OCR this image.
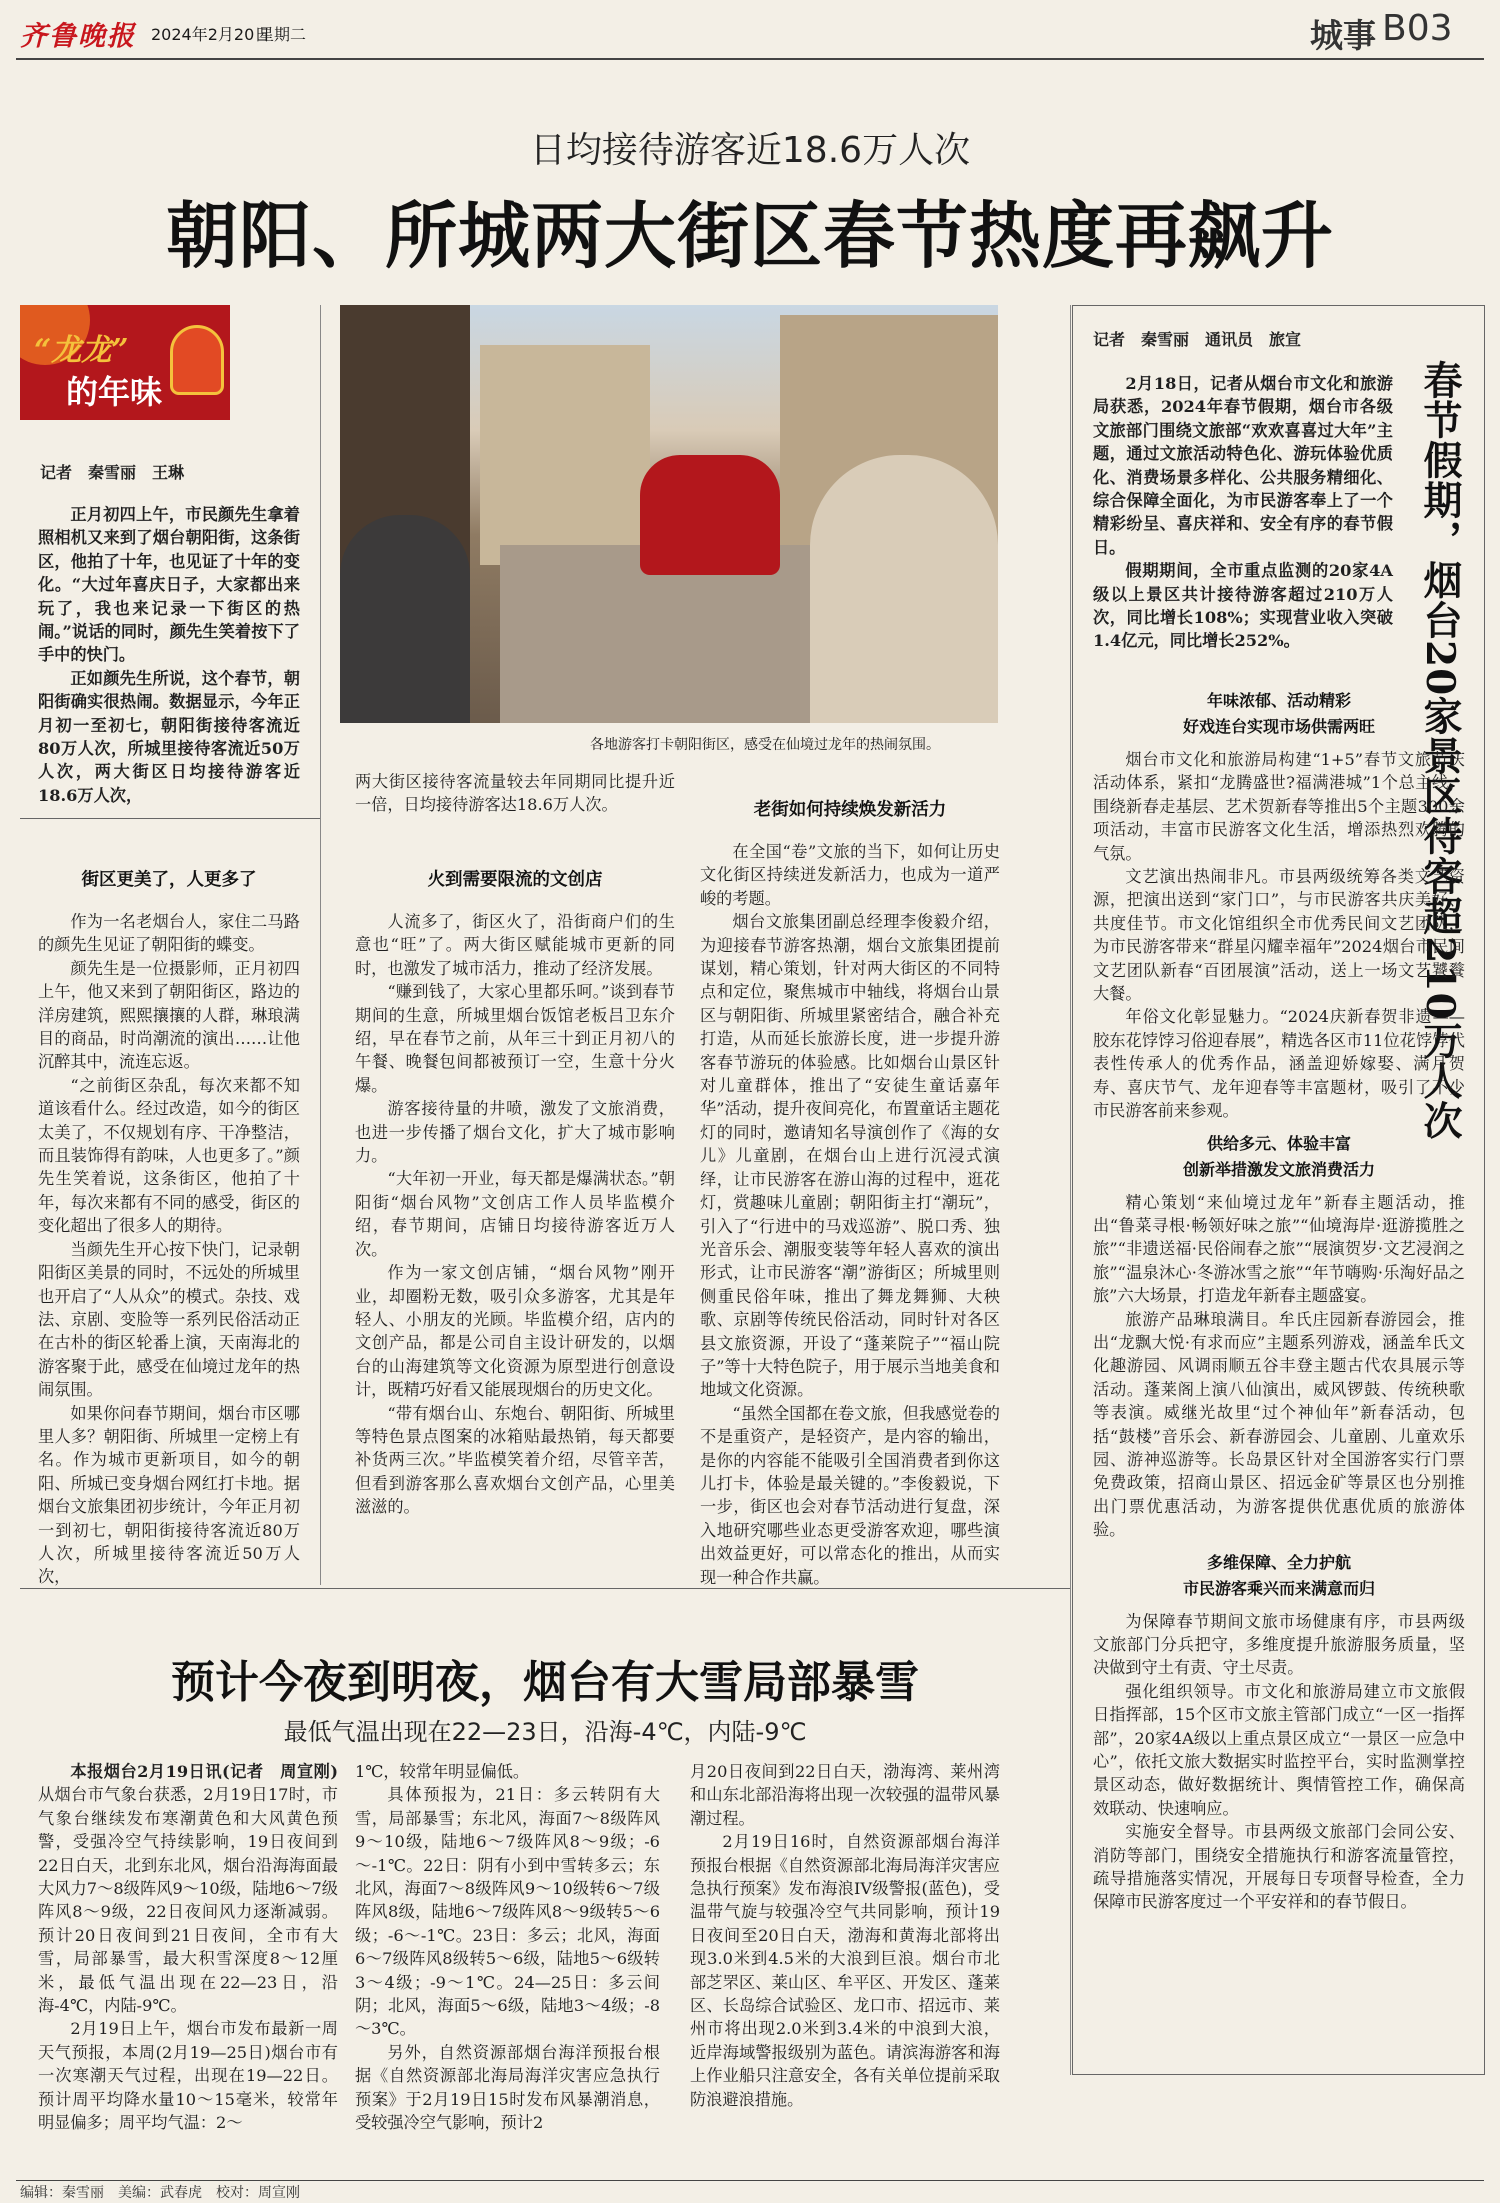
齐鲁晚报 2024年2月20日
星期二	城事 B03
日均接待游客近18.6万人次
朝阳、所城两大街区春节热度再飙升
“龙龙”
的年味
记者　秦雪丽　王琳

正月初四上午，市民颜先生拿着照相机又来到了烟台朝阳街，这条街区，他拍了十年，也见证了十年的变化。“大过年喜庆日子，大家都出来玩了，我也来记录一下街区的热闹。”说话的同时，颜先生笑着按下了手中的快门。

正如颜先生所说，这个春节，朝阳街确实很热闹。数据显示，今年正月初一至初七，朝阳街接待客流近80万人次，所城里接待客流近50万人次，两大街区日均接待游客近18.6万人次，

各地游客打卡朝阳街区，感受在仙境过龙年的热闹氛围。

两大街区接待客流量较去年同期同比提升近一倍，日均接待游客达18.6万人次。

街区更美了，人更多了

作为一名老烟台人，家住二马路的颜先生见证了朝阳街的蝶变。

颜先生是一位摄影师，正月初四上午，他又来到了朝阳街区，路边的洋房建筑，熙熙攘攘的人群，琳琅满目的商品，时尚潮流的演出……让他沉醉其中，流连忘返。

“之前街区杂乱，每次来都不知道该看什么。经过改造，如今的街区太美了，不仅规划有序、干净整洁，而且装饰得有韵味，人也更多了。”颜先生笑着说，这条街区，他拍了十年，每次来都有不同的感受，街区的变化超出了很多人的期待。

当颜先生开心按下快门，记录朝阳街区美景的同时，不远处的所城里也开启了“人从众”的模式。杂技、戏法、京剧、变脸等一系列民俗活动正在古朴的街区轮番上演，天南海北的游客聚于此，感受在仙境过龙年的热闹氛围。

如果你问春节期间，烟台市区哪里人多？朝阳街、所城里一定榜上有名。作为城市更新项目，如今的朝阳、所城已变身烟台网红打卡地。据烟台文旅集团初步统计，今年正月初一到初七，朝阳街接待客流近80万人次，所城里接待客流近50万人次，

火到需要限流的文创店

人流多了，街区火了，沿街商户们的生意也“旺”了。两大街区赋能城市更新的同时，也激发了城市活力，推动了经济发展。

“赚到钱了，大家心里都乐呵。”谈到春节期间的生意，所城里烟台饭馆老板吕卫东介绍，早在春节之前，从年三十到正月初八的午餐、晚餐包间都被预订一空，生意十分火爆。

游客接待量的井喷，激发了文旅消费，也进一步传播了烟台文化，扩大了城市影响力。

“大年初一开业，每天都是爆满状态。”朝阳街“烟台风物”文创店工作人员毕监模介绍，春节期间，店铺日均接待游客近万人次。

作为一家文创店铺，“烟台风物”刚开业，却圈粉无数，吸引众多游客，尤其是年轻人、小朋友的光顾。毕监模介绍，店内的文创产品，都是公司自主设计研发的，以烟台的山海建筑等文化资源为原型进行创意设计，既精巧好看又能展现烟台的历史文化。

“带有烟台山、东炮台、朝阳街、所城里等特色景点图案的冰箱贴最热销，每天都要补货两三次。”毕监模笑着介绍，尽管辛苦，但看到游客那么喜欢烟台文创产品，心里美滋滋的。

老街如何持续焕发新活力

在全国“卷”文旅的当下，如何让历史文化街区持续迸发新活力，也成为一道严峻的考题。

烟台文旅集团副总经理李俊毅介绍，为迎接春节游客热潮，烟台文旅集团提前谋划，精心策划，针对两大街区的不同特点和定位，聚焦城市中轴线，将烟台山景区与朝阳街、所城里紧密结合，融合补充打造，从而延长旅游长度，进一步提升游客春节游玩的体验感。比如烟台山景区针对儿童群体，推出了“安徒生童话嘉年华”活动，提升夜间亮化，布置童话主题花灯的同时，邀请知名导演创作了《海的女儿》儿童剧，在烟台山上进行沉浸式演绎，让市民游客在游山海的过程中，逛花灯，赏趣味儿童剧；朝阳街主打“潮玩”，引入了“行进中的马戏巡游”、脱口秀、独光音乐会、潮服变装等年轻人喜欢的演出形式，让市民游客“潮”游街区；所城里则侧重民俗年味，推出了舞龙舞狮、大秧歌、京剧等传统民俗活动，同时针对各区县文旅资源，开设了“蓬莱院子”“福山院子”等十大特色院子，用于展示当地美食和地域文化资源。

“虽然全国都在卷文旅，但我感觉卷的不是重资产，是轻资产，是内容的输出，是你的内容能不能吸引全国消费者到你这儿打卡，体验是最关键的。”李俊毅说，下一步，街区也会对春节活动进行复盘，深入地研究哪些业态更受游客欢迎，哪些演出效益更好，可以常态化的推出，从而实现一种合作共赢。

记者　秦雪丽　通讯员　旅宣
春节假期，烟台20家景区待客超210万人次

2月18日，记者从烟台市文化和旅游局获悉，2024年春节假期，烟台市各级文旅部门围绕文旅部“欢欢喜喜过大年”主题，通过文旅活动特色化、游玩体验优质化、消费场景多样化、公共服务精细化、综合保障全面化，为市民游客奉上了一个精彩纷呈、喜庆祥和、安全有序的春节假日。

假期期间，全市重点监测的20家4A级以上景区共计接待游客超过210万人次，同比增长108%；实现营业收入突破1.4亿元，同比增长252%。

年味浓郁、活动精彩
好戏连台实现市场供需两旺

烟台市文化和旅游局构建“1+5”春节文旅节庆活动体系，紧扣“龙腾盛世?福满港城”1个总主线，围绕新春走基层、艺术贺新春等推出5个主题300余项活动，丰富市民游客文化生活，增添热烈欢腾的气氛。

文艺演出热闹非凡。市县两级统筹各类文艺资源，把演出送到“家门口”，与市民游客共庆美好、共度佳节。市文化馆组织全市优秀民间文艺团队，为市民游客带来“群星闪耀幸福年”2024烟台市民间文艺团队新春“百团展演”活动，送上一场文艺饕餮大餐。

年俗文化彰显魅力。“2024庆新春贺非遗——胶东花饽饽习俗迎春展”，精选各区市11位花饽饽代表性传承人的优秀作品，涵盖迎娇嫁娶、满月贺寿、喜庆节气、龙年迎春等丰富题材，吸引了不少市民游客前来参观。

供给多元、体验丰富
创新举措激发文旅消费活力

精心策划“来仙境过龙年”新春主题活动，推出“鲁菜寻根·畅领好味之旅”“仙境海岸·逛游揽胜之旅”“非遗送福·民俗闹春之旅”“展演贺岁·文艺浸润之旅”“温泉沐心·冬游冰雪之旅”“年节嗨购·乐淘好品之旅”六大场景，打造龙年新春主题盛宴。

旅游产品琳琅满目。牟氏庄园新春游园会，推出“龙飘大悦·有求而应”主题系列游戏，涵盖牟氏文化趣游园、风调雨顺五谷丰登主题古代农具展示等活动。蓬莱阁上演八仙演出，威风锣鼓、传统秧歌等表演。威继光故里“过个神仙年”新春活动，包括“鼓楼”音乐会、新春游园会、儿童剧、儿童欢乐园、游神巡游等。长岛景区针对全国游客实行门票免费政策，招商山景区、招远金矿等景区也分别推出门票优惠活动，为游客提供优惠优质的旅游体验。

多维保障、全力护航
市民游客乘兴而来满意而归

为保障春节期间文旅市场健康有序，市县两级文旅部门分兵把守，多维度提升旅游服务质量，坚决做到守土有责、守土尽责。

强化组织领导。市文化和旅游局建立市文旅假日指挥部，15个区市文旅主管部门成立“一区一指挥部”，20家4A级以上重点景区成立“一景区一应急中心”，依托文旅大数据实时监控平台，实时监测掌控景区动态，做好数据统计、舆情管控工作，确保高效联动、快速响应。

实施安全督导。市县两级文旅部门会同公安、消防等部门，围绕安全措施执行和游客流量管控，疏导措施落实情况，开展每日专项督导检查，全力保障市民游客度过一个平安祥和的春节假日。

预计今夜到明夜，烟台有大雪局部暴雪
最低气温出现在22—23日，沿海-4℃，内陆-9℃

本报烟台2月19日讯(记者　周宣刚)从烟台市气象台获悉，2月19日17时，市气象台继续发布寒潮黄色和大风黄色预警，受强冷空气持续影响，19日夜间到22日白天，北到东北风，烟台沿海海面最大风力7～8级阵风9～10级，陆地6～7级阵风8～9级，22日夜间风力逐渐减弱。预计20日夜间到21日夜间，全市有大雪，局部暴雪，最大积雪深度8～12厘米，最低气温出现在22—23日，沿海-4℃，内陆-9℃。

2月19日上午，烟台市发布最新一周天气预报，本周(2月19—25日)烟台市有一次寒潮天气过程，出现在19—22日。预计周平均降水量10～15毫米，较常年明显偏多；周平均气温：2～

1℃，较常年明显偏低。

具体预报为，21日：多云转阴有大雪，局部暴雪；东北风，海面7～8级阵风9～10级，陆地6～7级阵风8～9级；-6～-1℃。22日：阴有小到中雪转多云；东北风，海面7～8级阵风9～10级转6～7级阵风8级，陆地6～7级阵风8～9级转5～6级；-6～-1℃。23日：多云；北风，海面6～7级阵风8级转5～6级，陆地5～6级转3～4级；-9～1℃。24—25日：多云间阴；北风，海面5～6级，陆地3～4级；-8～3℃。

另外，自然资源部烟台海洋预报台根据《自然资源部北海局海洋灾害应急执行预案》于2月19日15时发布风暴潮消息，受较强冷空气影响，预计2

月20日夜间到22日白天，渤海湾、莱州湾和山东北部沿海将出现一次较强的温带风暴潮过程。

2月19日16时，自然资源部烟台海洋预报台根据《自然资源部北海局海洋灾害应急执行预案》发布海浪IV级警报(蓝色)，受温带气旋与较强冷空气共同影响，预计19日夜间至20日白天，渤海和黄海北部将出现3.0米到4.5米的大浪到巨浪。烟台市北部芝罘区、莱山区、牟平区、开发区、蓬莱区、长岛综合试验区、龙口市、招远市、莱州市将出现2.0米到3.4米的中浪到大浪，近岸海域警报级别为蓝色。请滨海游客和海上作业船只注意安全，各有关单位提前采取防浪避浪措施。

编辑：秦雪丽　美编：武春虎　校对：周宣刚
